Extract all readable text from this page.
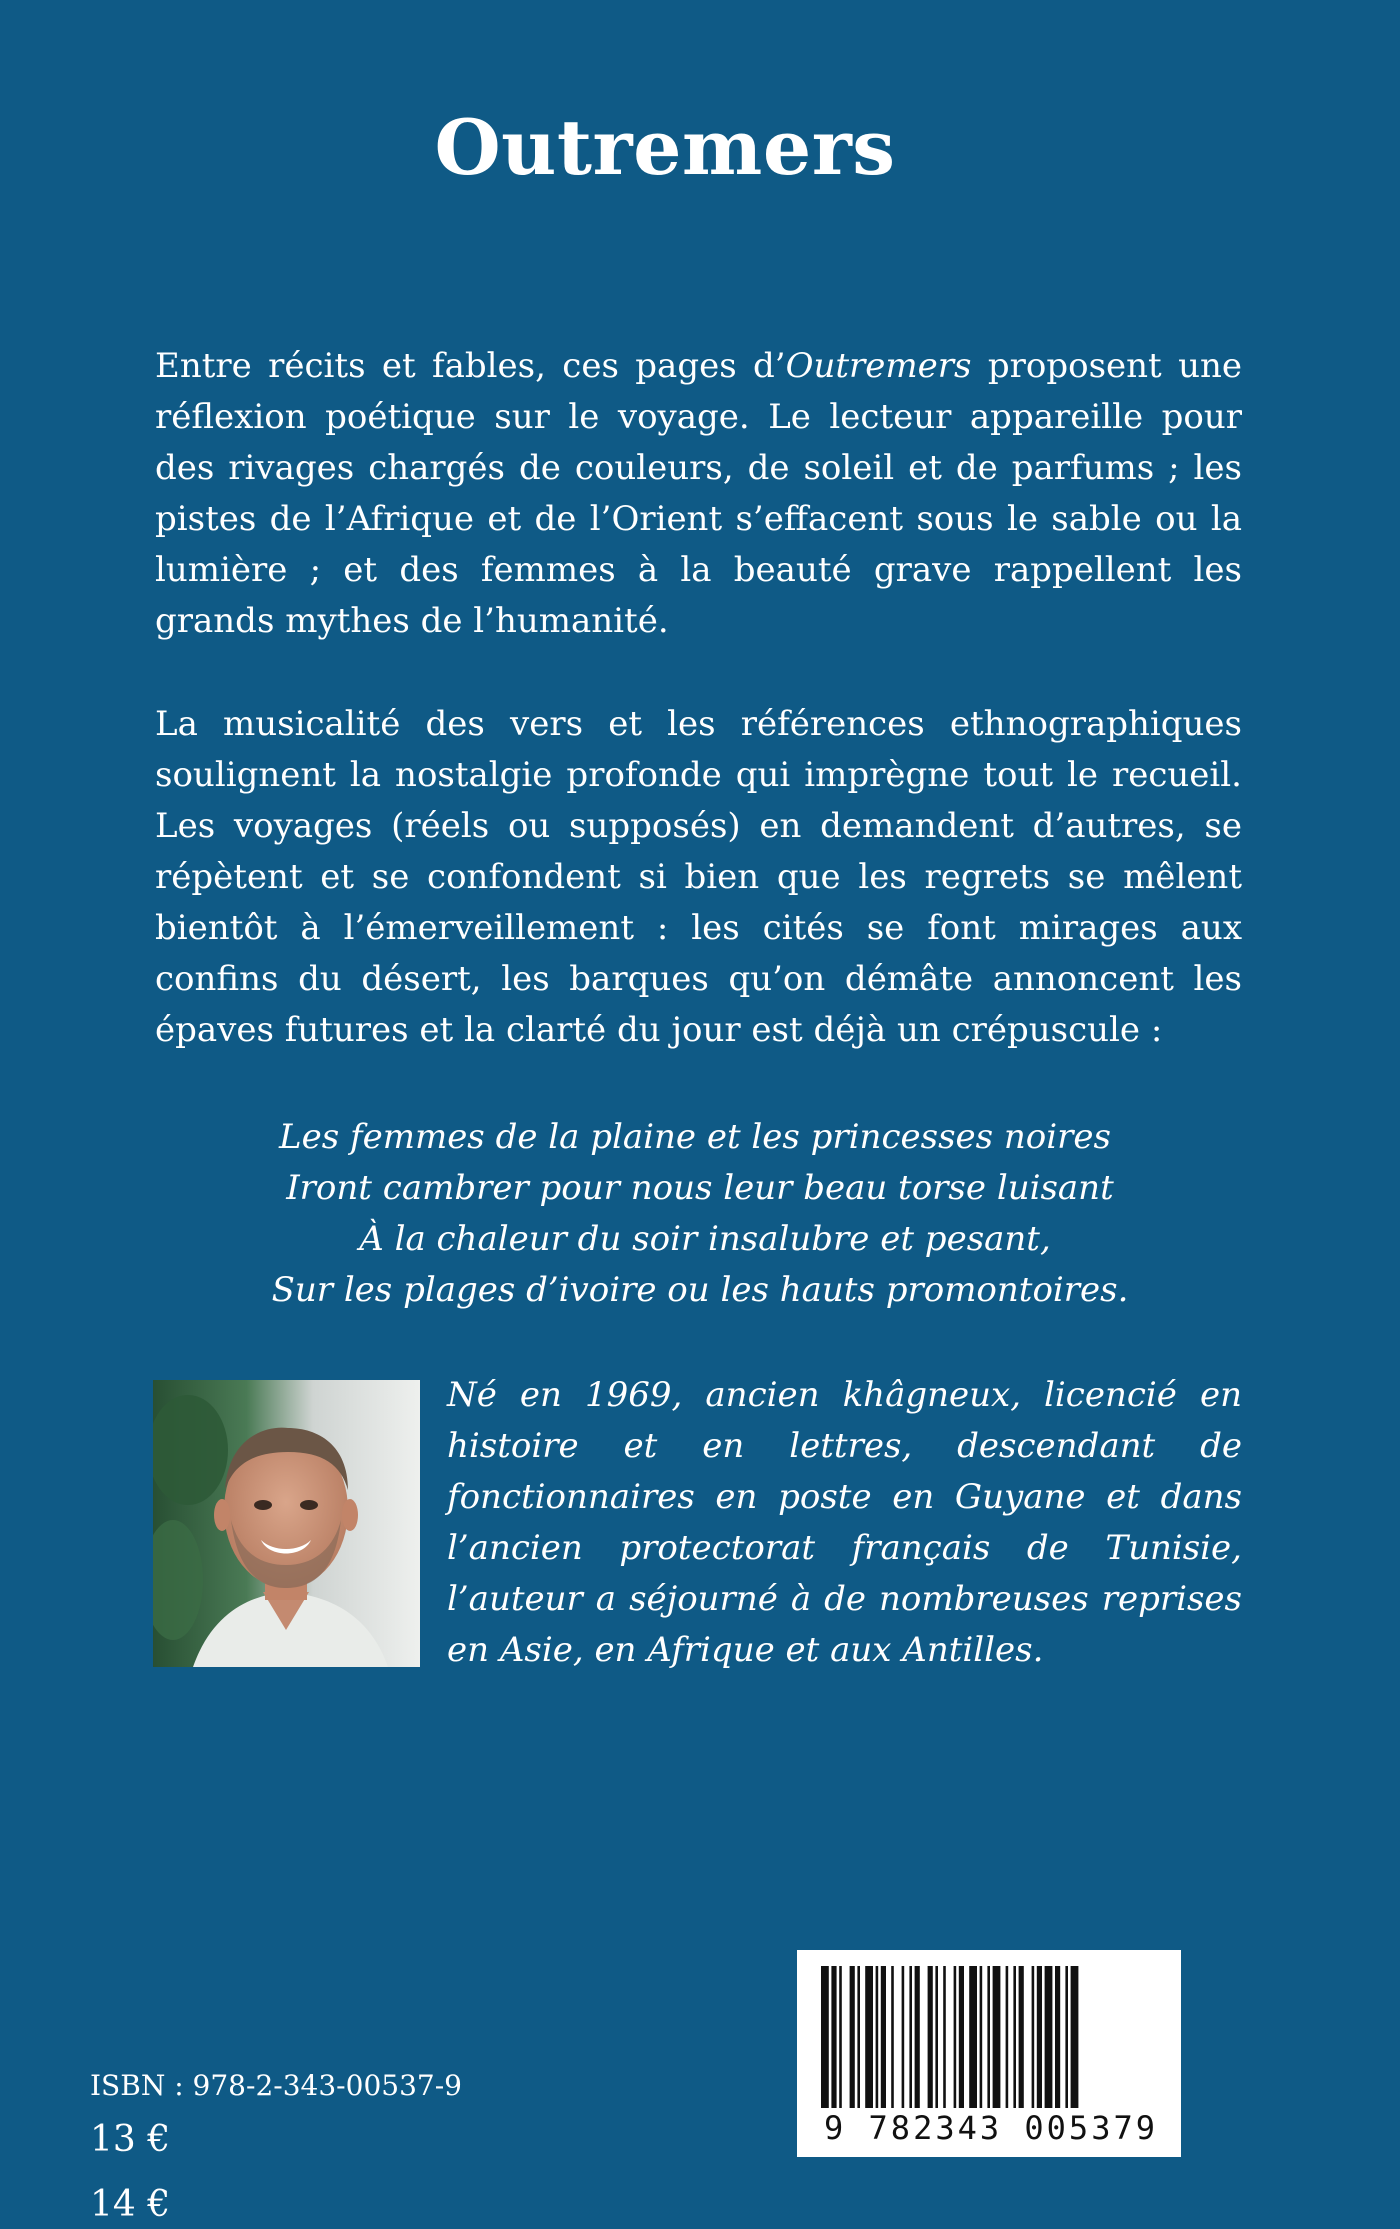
Outremers
Entre récits et fables, ces pages d’Outremers proposent une réflexion poétique sur le voyage. Le lecteur appareille pour des rivages chargés de couleurs, de soleil et de parfums ; les pistes de l’Afrique et de l’Orient s’effacent sous le sable ou la lumière ; et des femmes à la beauté grave rappellent les grands mythes de l’humanité.
La musicalité des vers et les références ethnographiques soulignent la nostalgie profonde qui imprègne tout le recueil. Les voyages (réels ou supposés) en demandent d’autres, se répètent et se confondent si bien que les regrets se mêlent bientôt à l’émerveillement : les cités se font mirages aux confins du désert, les barques qu’on démâte annoncent les épaves futures et la clarté du jour est déjà un crépuscule :
Les femmes de la plaine et les princesses noires
Iront cambrer pour nous leur beau torse luisant
À la chaleur du soir insalubre et pesant,
Sur les plages d’ivoire ou les hauts promontoires.
Né en 1969, ancien khâgneux, licencié en histoire et en lettres, descendant de fonctionnaires en poste en Guyane et dans l’ancien protectorat français de Tunisie, l’auteur a séjourné à de nombreuses reprises en Asie, en Afrique et aux Antilles.
9 782343 005379
ISBN : 978-2-343-00537-9
13 €
14 €
